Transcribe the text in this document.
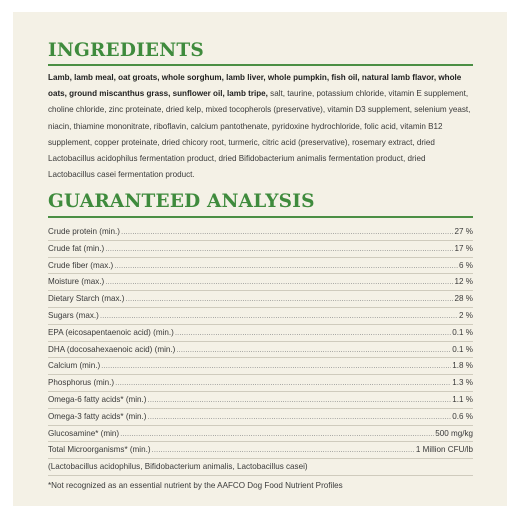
INGREDIENTS
Lamb, lamb meal, oat groats, whole sorghum, lamb liver, whole pumpkin, fish oil, natural lamb flavor, whole oats, ground miscanthus grass, sunflower oil, lamb tripe, salt, taurine, potassium chloride, vitamin E supplement, choline chloride, zinc proteinate, dried kelp, mixed tocopherols (preservative), vitamin D3 supplement, selenium yeast, niacin, thiamine mononitrate, riboflavin, calcium pantothenate, pyridoxine hydrochloride, folic acid, vitamin B12 supplement, copper proteinate, dried chicory root, turmeric, citric acid (preservative), rosemary extract, dried Lactobacillus acidophilus fermentation product, dried Bifidobacterium animalis fermentation product, dried Lactobacillus casei fermentation product.
GUARANTEED ANALYSIS
Crude protein (min.) .....	27 %
Crude fat (min.) .....	17 %
Crude fiber (max.) .....	6 %
Moisture (max.) .....	12 %
Dietary Starch (max.) .....	28 %
Sugars (max.) .....	2 %
EPA (eicosapentaenoic acid) (min.) .....	0.1 %
DHA (docosahexaenoic acid) (min.) .....	0.1 %
Calcium (min.) .....	1.8 %
Phosphorus (min.) .....	1.3 %
Omega-6 fatty acids* (min.) .....	1.1 %
Omega-3 fatty acids* (min.) .....	0.6 %
Glucosamine* (min) .....	500 mg/kg
Total Microorganisms* (min.) .....	1 Million CFU/lb
(Lactobacillus acidophilus, Bifidobacterium animalis, Lactobacillus casei)
*Not recognized as an essential nutrient by the AAFCO Dog Food Nutrient Profiles
